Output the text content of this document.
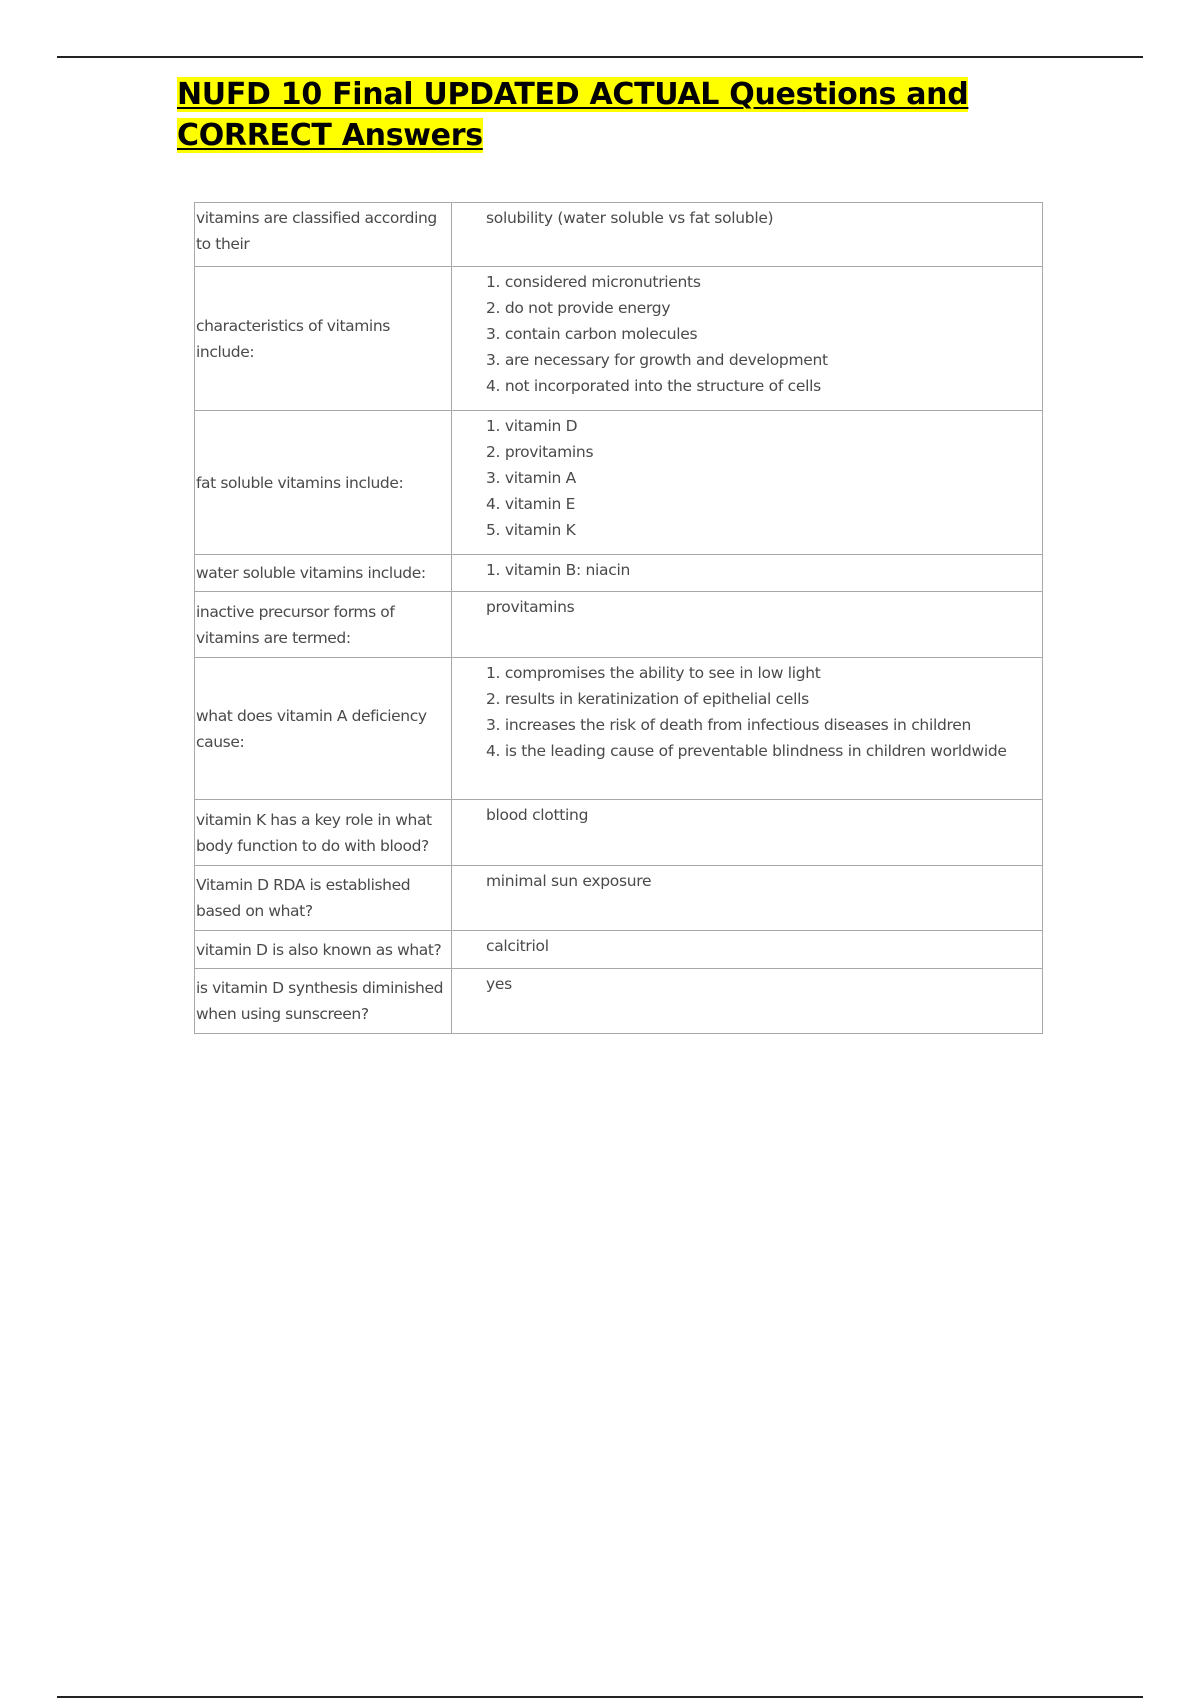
NUFD 10 Final UPDATED ACTUAL Questions and CORRECT Answers
vitamins are classified according to their	solubility (water soluble vs fat soluble)

characteristics of vitamins include:	1. considered micronutrients
2. do not provide energy
3. contain carbon molecules
3. are necessary for growth and development
4. not incorporated into the structure of cells

fat soluble vitamins include:	1. vitamin D
2. provitamins
3. vitamin A
4. vitamin E
5. vitamin K

water soluble vitamins include:	1. vitamin B: niacin

inactive precursor forms of vitamins are termed:	provitamins

what does vitamin A deficiency cause:	1. compromises the ability to see in low light
2. results in keratinization of epithelial cells
3. increases the risk of death from infectious diseases in children
4. is the leading cause of preventable blindness in children worldwide

vitamin K has a key role in what body function to do with blood?	blood clotting

Vitamin D RDA is established based on what?	minimal sun exposure

vitamin D is also known as what?	calcitriol

is vitamin D synthesis diminished when using sunscreen?	yes
